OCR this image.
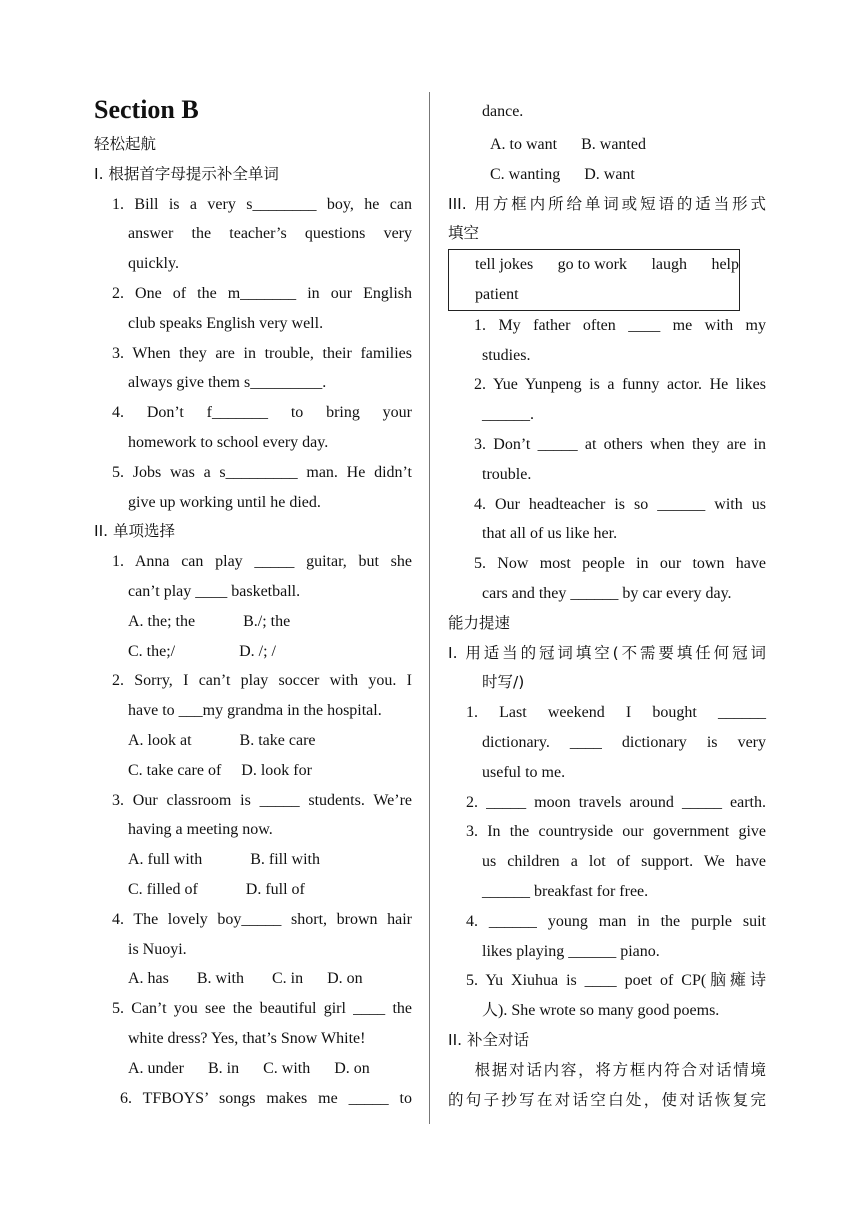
Section B
轻松起航
I. 根据首字母提示补全单词
1. Bill is a very s________ boy, he can
answer the teacher’s questions very
quickly.
2. One of the m_______ in our English
club speaks English very well.
3. When they are in trouble, their families
always give them s_________.
4. Don’t f_______ to bring your
homework to school every day.
5. Jobs was a s_________ man. He didn’t
give up working until he died.
II. 单项选择
1. Anna can play _____ guitar, but she
can’t play ____ basketball.
A. the; the            B./; the
C. the;/                D. /; /
2. Sorry, I can’t play soccer with you. I
have to ___my grandma in the hospital.
A. look at            B. take care
C. take care of     D. look for
3. Our classroom is _____ students. We’re
having a meeting now.
A. full with            B. fill with
C. filled of            D. full of
4. The lovely boy_____ short, brown hair
is Nuoyi.
A. has       B. with       C. in      D. on
5. Can’t you see the beautiful girl ____ the
white dress? Yes, that’s Snow White!
A. under      B. in      C. with      D. on
6. TFBOYS’ songs makes me _____ to
dance.
A. to want      B. wanted
C. wanting      D. want
III. 用方框内所给单词或短语的适当形式
填空
tell jokes go to work laugh help
patient
1. My father often ____ me with my
studies.
2. Yue Yunpeng is a funny actor. He likes
______.
3. Don’t _____ at others when they are in
trouble.
4. Our headteacher is so ______ with us
that all of us like her.
5. Now most people in our town have
cars and they ______ by car every day.
能力提速
I. 用适当的冠词填空(不需要填任何冠词
时写/)
1. Last weekend I bought ______
dictionary. ____ dictionary is very
useful to me.
2. _____ moon travels around _____ earth.
3. In the countryside our government give
us children a lot of support. We have
______ breakfast for free.
4. ______ young man in the purple suit
likes playing ______ piano.
5. Yu Xiuhua is ____ poet of CP(脑瘫诗
人). She wrote so many good poems.
II. 补全对话
根据对话内容，将方框内符合对话情境
的句子抄写在对话空白处，使对话恢复完
